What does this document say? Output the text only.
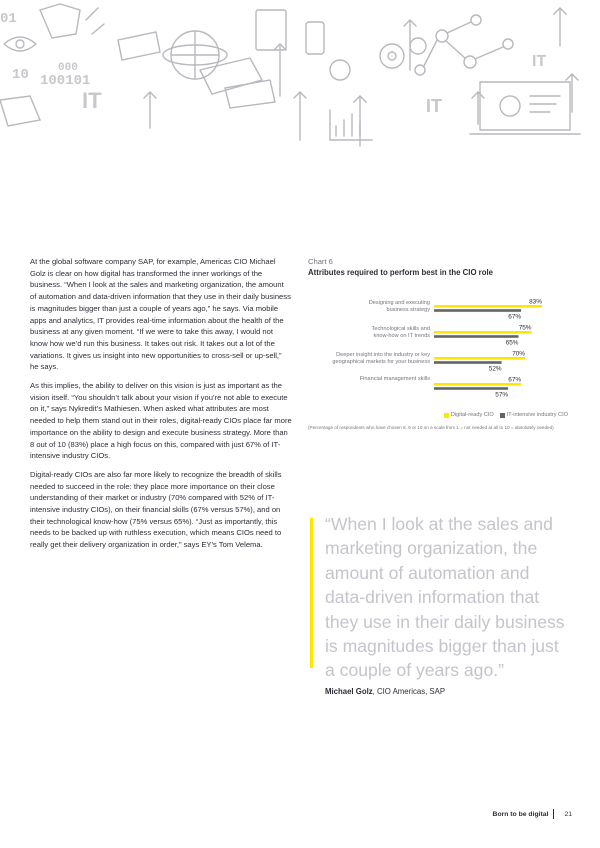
01
10 100101
000
IT
IT
IT

At the global software company SAP, for example, Americas CIO Michael Golz is clear on how digital has transformed the inner workings of the business. “When I look at the sales and marketing organization, the amount of automation and data-driven information that they use in their daily business is magnitudes bigger than just a couple of years ago,” he says. Via mobile apps and analytics, IT provides real-time information about the health of the business at any given moment. “If we were to take this away, I would not know how we’d run this business. It takes out risk. It takes out a lot of the variations. It gives us insight into new opportunities to cross-sell or up-sell,” he says.

As this implies, the ability to deliver on this vision is just as important as the vision itself. “You shouldn’t talk about your vision if you’re not able to execute on it,” says Nykredit’s Mathiesen. When asked what attributes are most needed to help them stand out in their roles, digital-ready CIOs place far more importance on the ability to design and execute business strategy. More than 8 out of 10 (83%) place a high focus on this, compared with just 67% of IT-intensive industry CIOs.

Digital-ready CIOs are also far more likely to recognize the breadth of skills needed to succeed in the role: they place more importance on their close understanding of their market or industry (70% compared with 52% of IT-intensive industry CIOs), on their financial skills (67% versus 57%), and on their technological know-how (75% versus 65%). “Just as importantly, this needs to be backed up with ruthless execution, which means CIOs need to really get their delivery organization in order,” says EY’s Tom Velema.

Chart 6
Attributes required to perform best in the CIO role
Designing and executing business strategy
83%
67%
Technological skills and know-how on IT trends
75%
65%
Deeper insight into the industry or key geographical markets for your business
70%
52%
Financial management skills	67%
57%
Digital-ready CIO IT-intensive industry CIO
(Percentage of respondents who have chosen 8, 9 or 10 on a scale from 1 = not needed at all to 10 = absolutely needed)

“When I look at the sales and marketing organization, the amount of automation and data-driven information that they use in their daily business is magnitudes bigger than just a couple of years ago.”

Michael Golz, CIO Americas, SAP

Born to be digital 21
